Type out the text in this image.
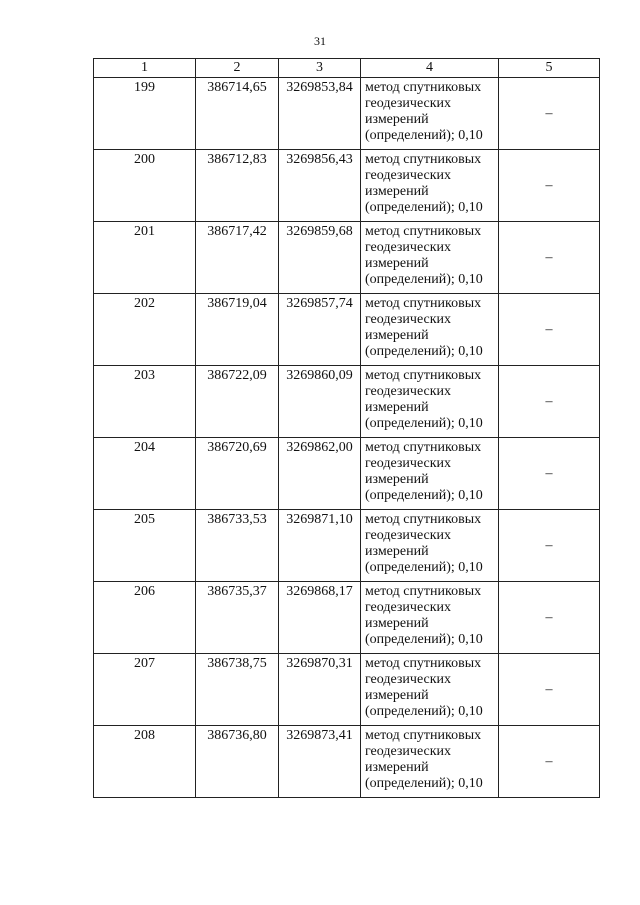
31
1	2	3	4	5
199	386714,65	3269853,84	метод спутниковых
геодезических
измерений
(определений); 0,10	–
200	386712,83	3269856,43	метод спутниковых
геодезических
измерений
(определений); 0,10	–
201	386717,42	3269859,68	метод спутниковых
геодезических
измерений
(определений); 0,10	–
202	386719,04	3269857,74	метод спутниковых
геодезических
измерений
(определений); 0,10	–
203	386722,09	3269860,09	метод спутниковых
геодезических
измерений
(определений); 0,10	–
204	386720,69	3269862,00	метод спутниковых
геодезических
измерений
(определений); 0,10	–
205	386733,53	3269871,10	метод спутниковых
геодезических
измерений
(определений); 0,10	–
206	386735,37	3269868,17	метод спутниковых
геодезических
измерений
(определений); 0,10	–
207	386738,75	3269870,31	метод спутниковых
геодезических
измерений
(определений); 0,10	–
208	386736,80	3269873,41	метод спутниковых
геодезических
измерений
(определений); 0,10	–
